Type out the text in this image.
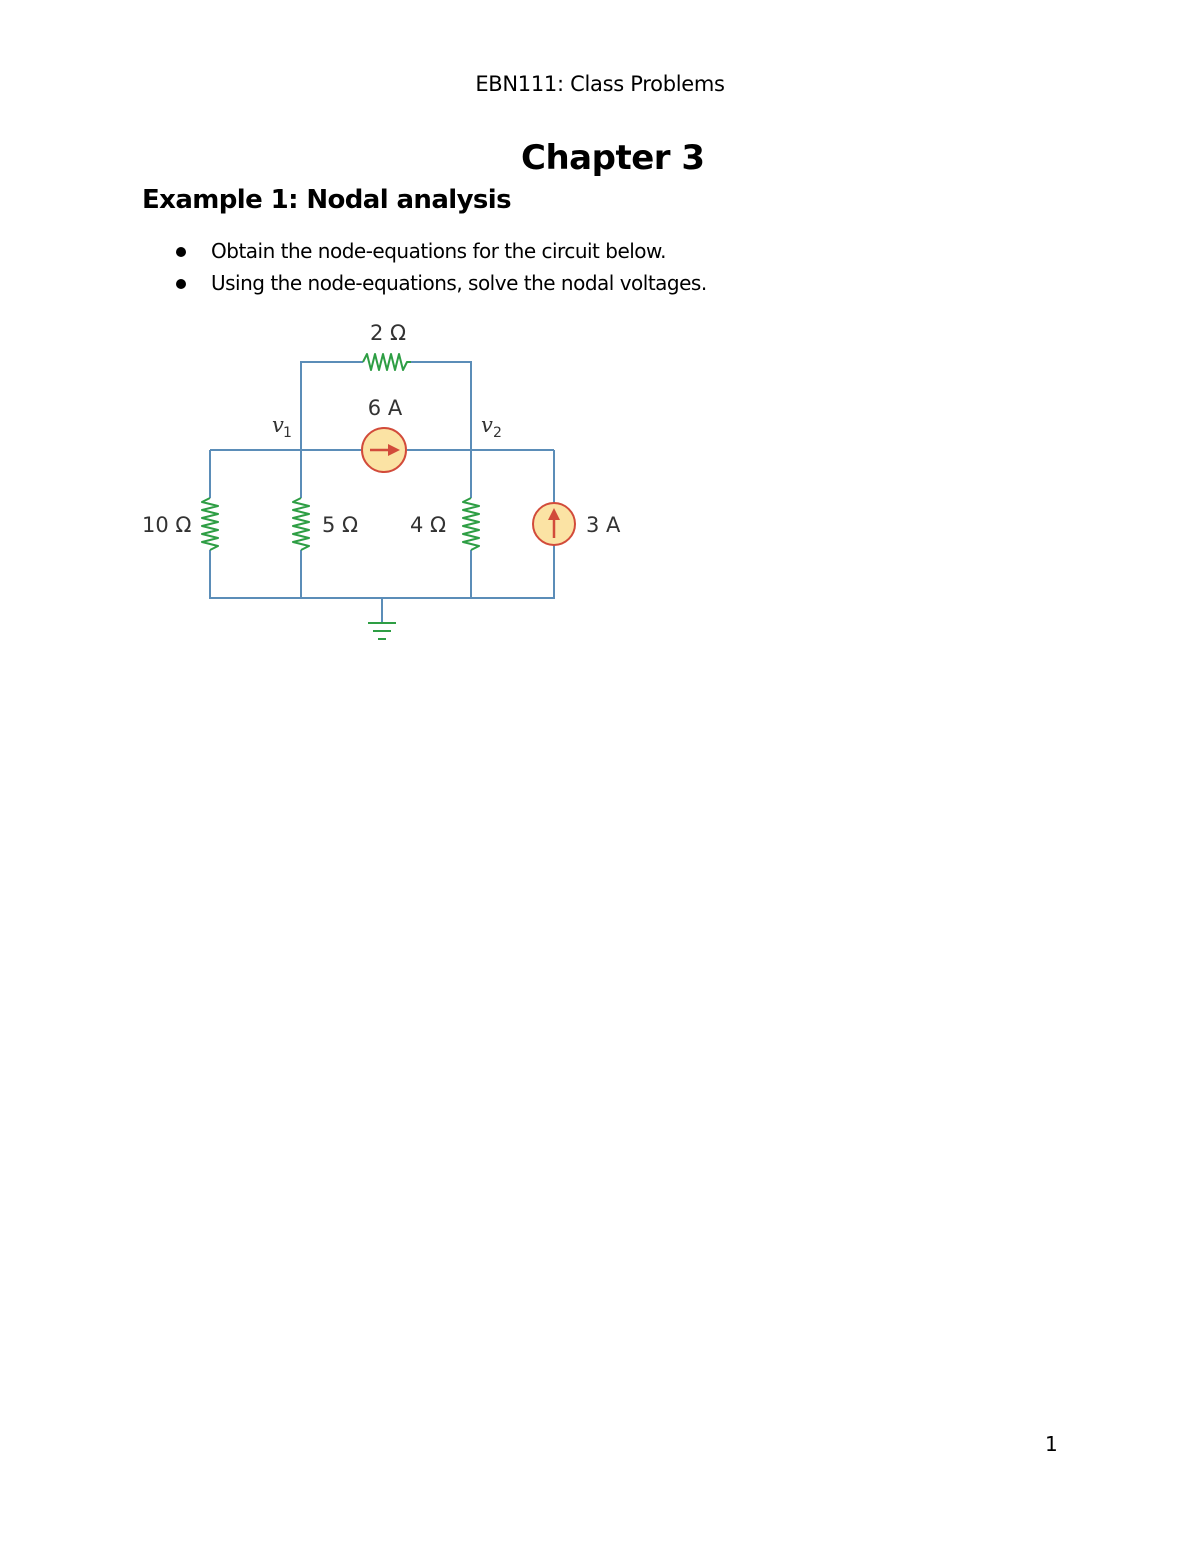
EBN111: Class Problems
Chapter 3
Example 1: Nodal analysis
Obtain the node-equations for the circuit below.
Using the node-equations, solve the nodal voltages.
2 Ω
6 A
v 1	v 2
10 Ω	5 Ω 4 Ω	3 A
1
